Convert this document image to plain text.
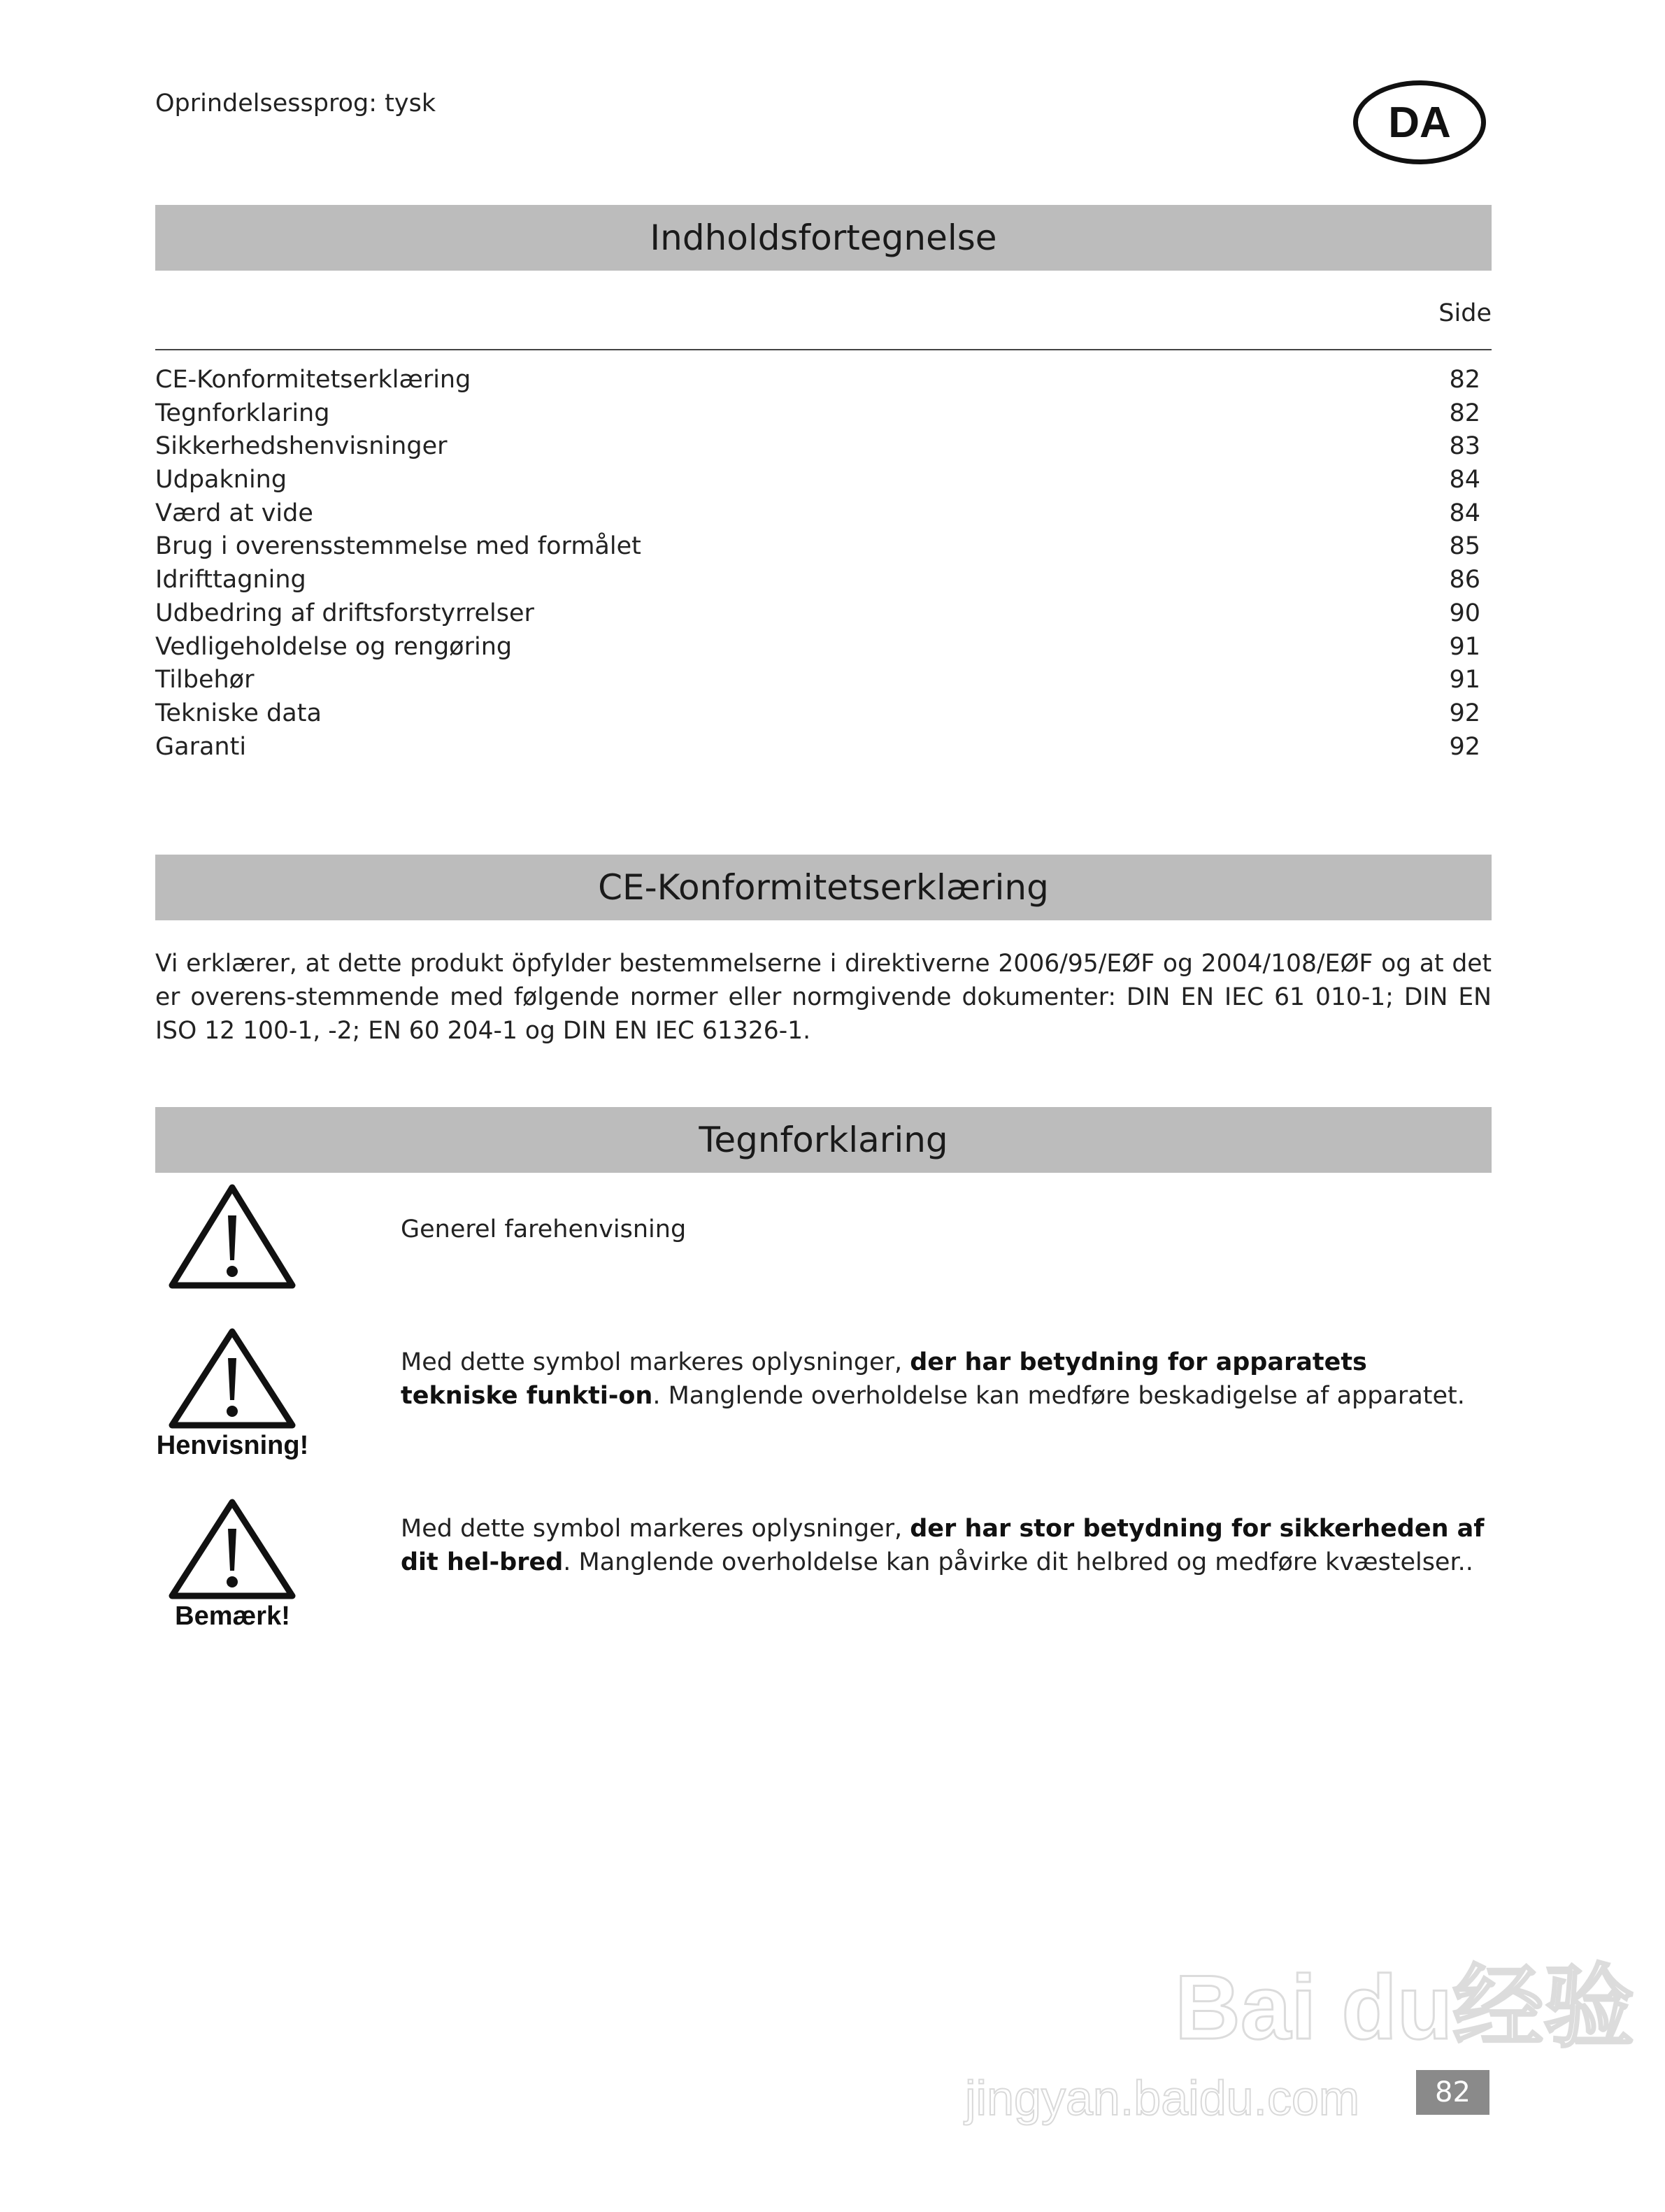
Bai du经验
jingyan.baidu.com
Oprindelsessprog: tysk	DA
Indholdsfortegnelse
Side
CE-Konformitetserklæring	82
Tegnforklaring	82
Sikkerhedshenvisninger	83
Udpakning	84
Værd at vide	84
Brug i overensstemmelse med formålet	85
Idrifttagning	86
Udbedring af driftsforstyrrelser	90
Vedligeholdelse og rengøring	91
Tilbehør	91
Tekniske data	92
Garanti	92
CE-Konformitetserklæring
Vi erklærer, at dette produkt öpfylder bestemmelserne i direktiverne 2006/95/EØF og 2004/108/EØF og at det er overens-stemmende med følgende normer eller normgivende dokumenter: DIN EN IEC 61 010-1; DIN EN ISO 12 100-1, -2; EN 60 204-1 og DIN EN IEC 61326-1.
Tegnforklaring
Generel farehenvisning
Henvisning!
Med dette symbol markeres oplysninger, der har betydning for apparatets tekniske funkti-on. Manglende overholdelse kan medføre beskadigelse af apparatet.
Bemærk!
Med dette symbol markeres oplysninger, der har stor betydning for sikkerheden af dit hel-bred. Manglende overholdelse kan påvirke dit helbred og medføre kvæstelser..
82
